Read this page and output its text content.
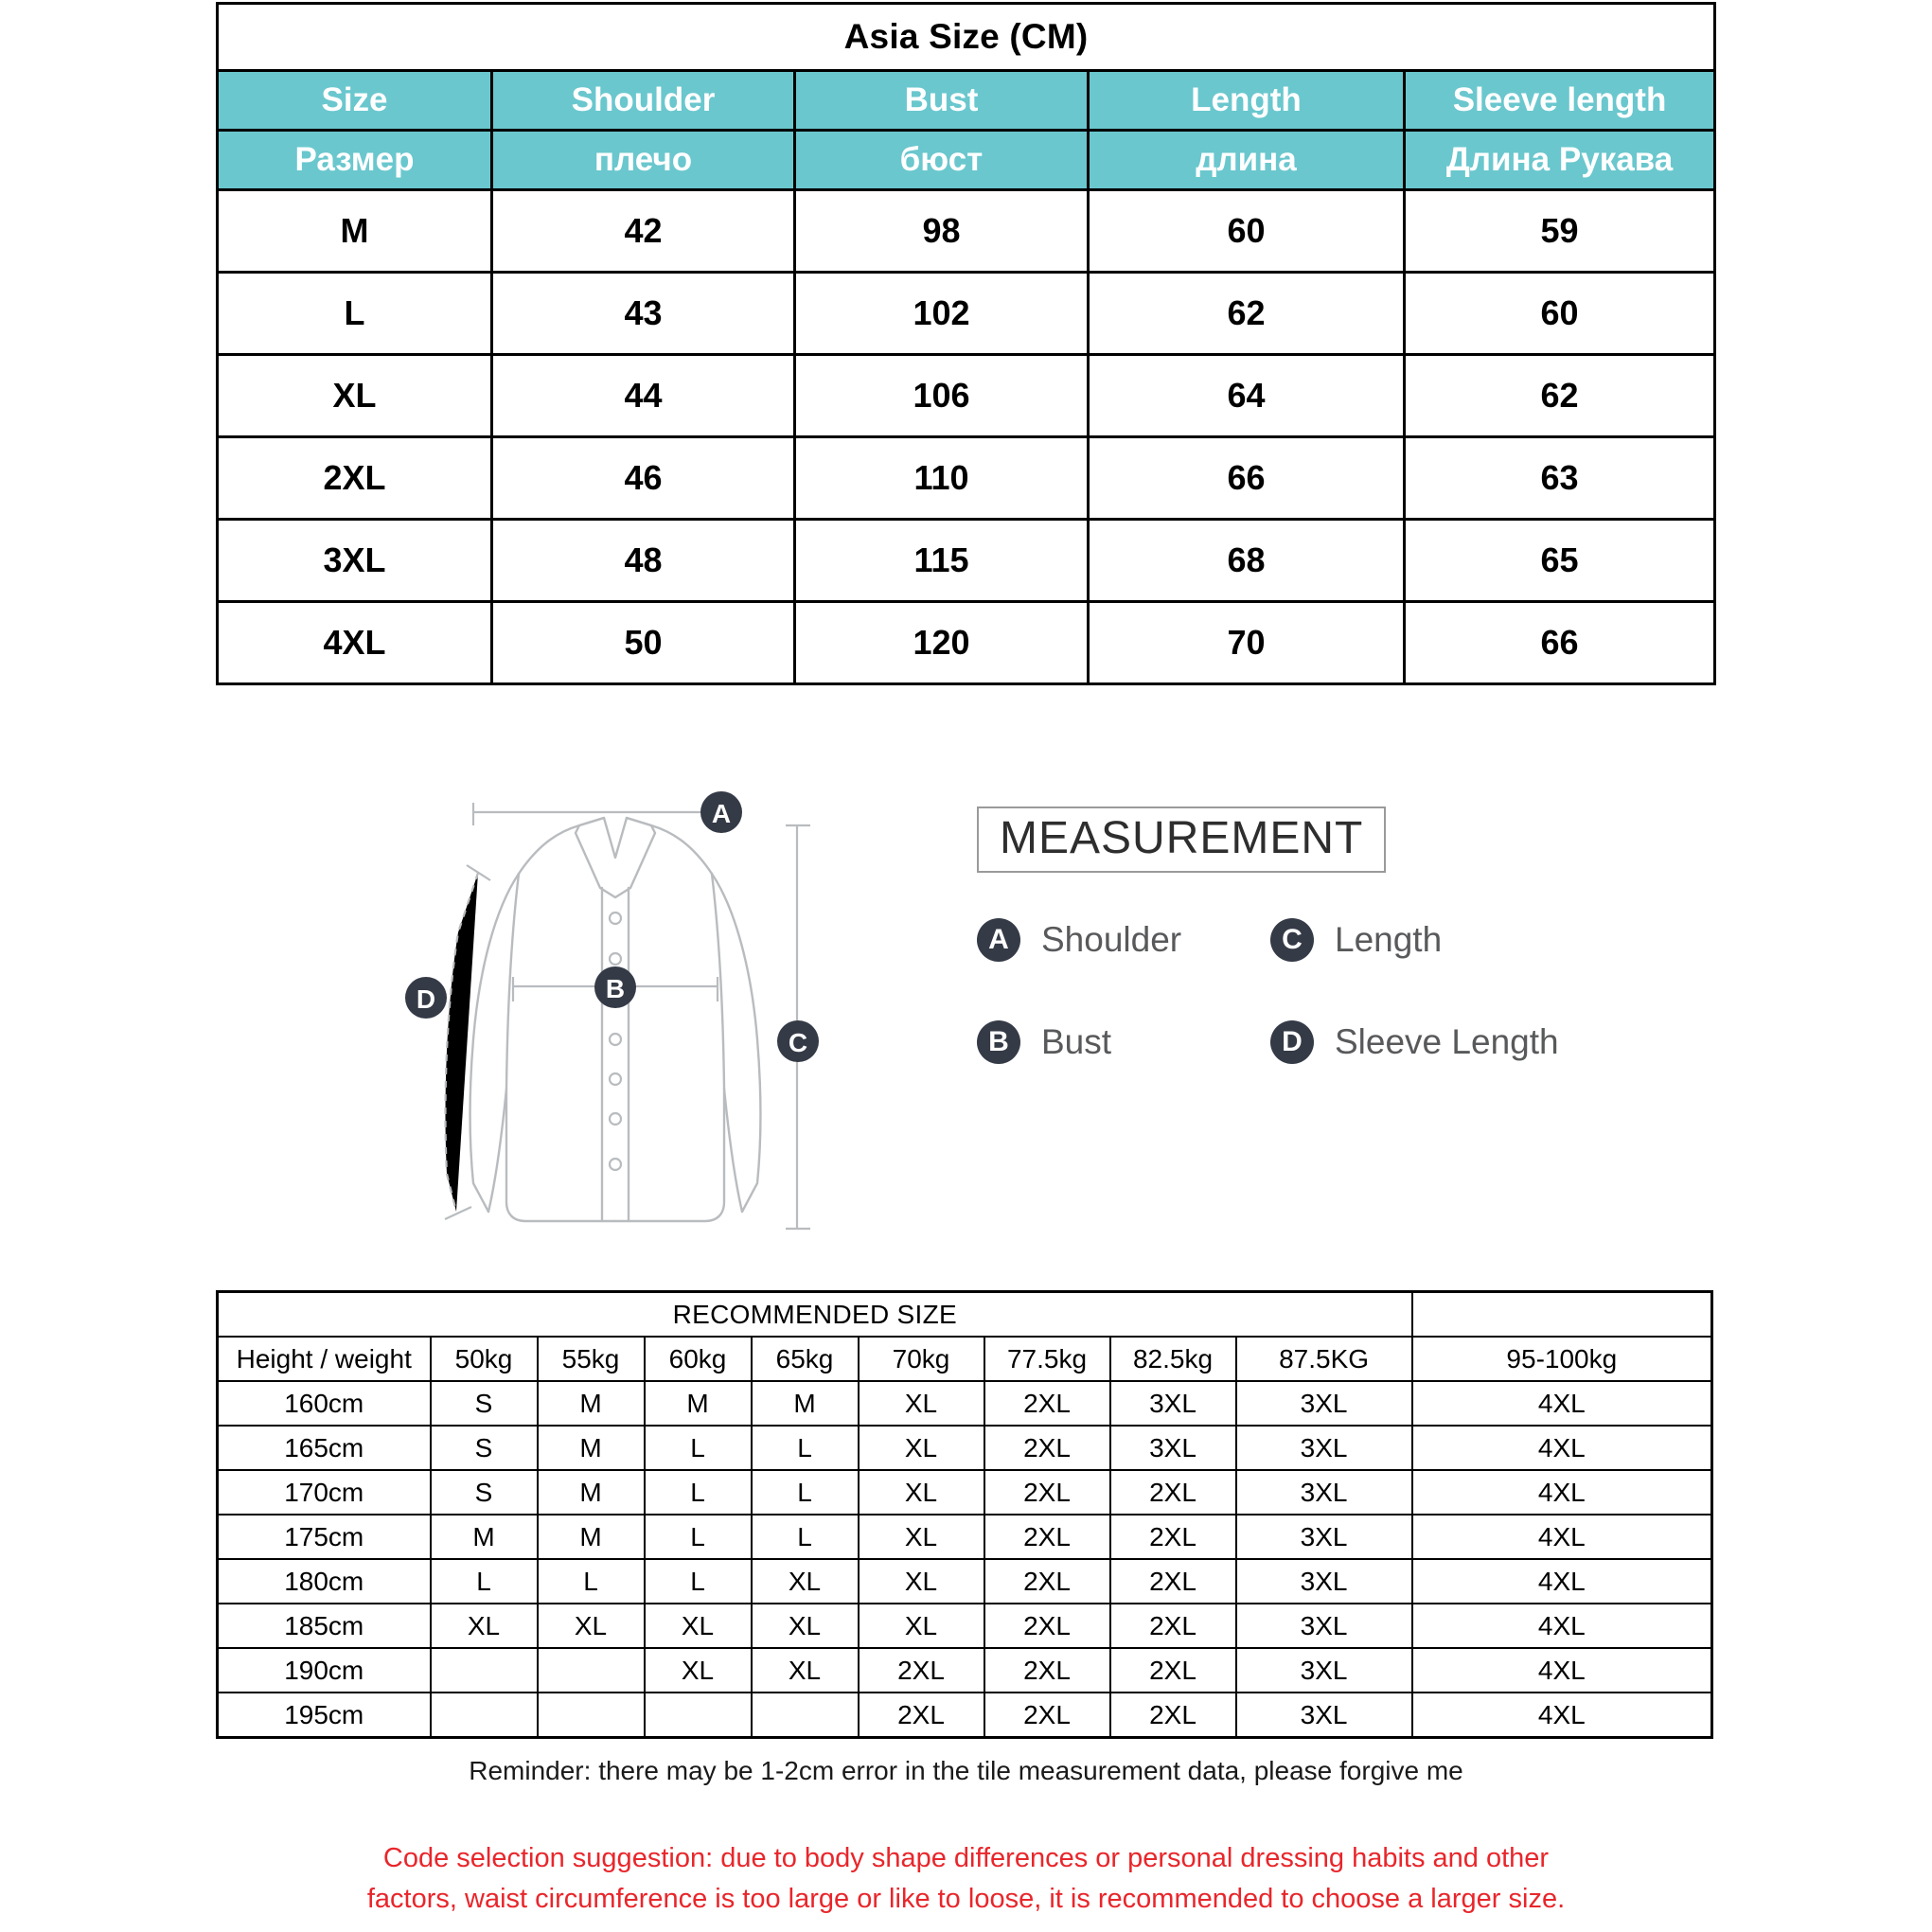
Asia Size (CM)				
Size	Shoulder	Bust	Length	Sleeve length
Размер	плечо	бюст	длина	Длина Рукава
M	42	98	60	59
L	43	102	62	60
XL	44	106	64	62
2XL	46	110	66	63
3XL	48	115	68	65
4XL	50	120	70	66
A
B
C
D
MEASUREMENT
A Shoulder	C Length
B Bust	D Sleeve Length
RECOMMENDED SIZE									
Height / weight	50kg	55kg	60kg	65kg	70kg	77.5kg	82.5kg	87.5KG	95-100kg
160cm	S	M	M	M	XL	2XL	3XL	3XL	4XL
165cm	S	M	L	L	XL	2XL	3XL	3XL	4XL
170cm	S	M	L	L	XL	2XL	2XL	3XL	4XL
175cm	M	M	L	L	XL	2XL	2XL	3XL	4XL
180cm	L	L	L	XL	XL	2XL	2XL	3XL	4XL
185cm	XL	XL	XL	XL	XL	2XL	2XL	3XL	4XL
190cm			XL	XL	2XL	2XL	2XL	3XL	4XL
195cm					2XL	2XL	2XL	3XL	4XL
Reminder: there may be 1-2cm error in the tile measurement data, please forgive me
Code selection suggestion: due to body shape differences or personal dressing habits and other
factors, waist circumference is too large or like to loose, it is recommended to choose a larger size.
